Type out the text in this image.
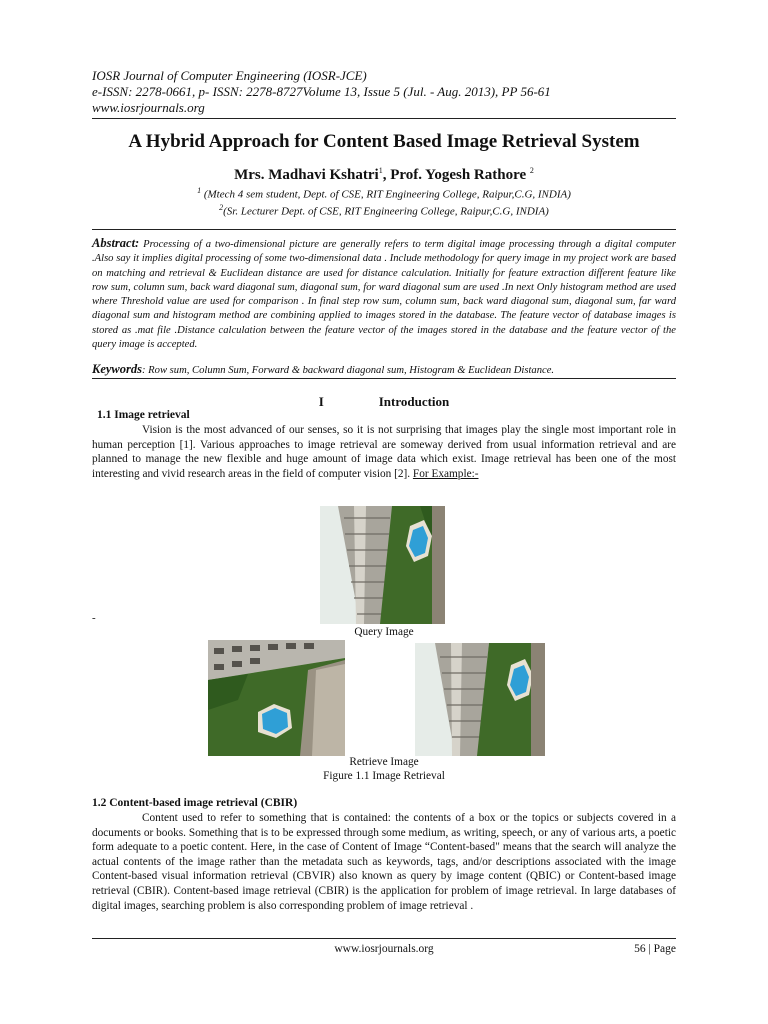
IOSR Journal of Computer Engineering (IOSR-JCE)
e-ISSN: 2278-0661, p- ISSN: 2278-8727Volume 13, Issue 5 (Jul. - Aug. 2013), PP 56-61
www.iosrjournals.org
A Hybrid Approach for Content Based Image Retrieval System
Mrs. Madhavi Kshatri$^1$, Prof. Yogesh Rathore $^2$
$^1$ (Mtech 4 sem student, Dept. of CSE, RIT Engineering College, Raipur,C.G, INDIA)
$^2$(Sr. Lecturer Dept. of CSE, RIT Engineering College, Raipur,C.G, INDIA)
Abstract: Processing of a two-dimensional picture are generally refers to term digital image processing through a digital computer .Also say it implies digital processing of some two-dimensional data . Include methodology for query image in my project work are based on matching and retrieval & Euclidean distance are used for distance calculation. Initially for feature extraction different feature like row sum, column sum, back ward diagonal sum, diagonal sum, for ward diagonal sum are used .In next Only histogram method are used where Threshold value are used for comparison . In final step row sum, column sum, back ward diagonal sum, diagonal sum, far ward diagonal sum and histogram method are combining applied to images stored in the database. The feature vector of database images is stored as .mat file .Distance calculation between the feature vector of the images stored in the database and the feature vector of the query image is accepted.
Keywords: Row sum, Column Sum, Forward & backward diagonal sum, Histogram & Euclidean Distance.
I	Introduction
1.1 Image retrieval
Vision is the most advanced of our senses, so it is not surprising that images play the single most important role in human perception [1]. Various approaches to image retrieval are someway derived from usual information retrieval and are planned to manage the new flexible and huge amount of image data which exist. Image retrieval has been one of the most interesting and vivid research areas in the field of computer vision [2]. For Example:-
-
Query Image
Retrieve Image
Figure 1.1 Image Retrieval
1.2 Content-based image retrieval (CBIR)
Content used to refer to something that is contained: the contents of a box or the topics or subjects covered in a documents or books. Something that is to be expressed through some medium, as writing, speech, or any of various arts, a poetic form adequate to a poetic content. Here, in the case of Content of Image “Content-based" means that the search will analyze the actual contents of the image rather than the metadata such as keywords, tags, and/or descriptions associated with the image Content-based visual information retrieval (CBVIR) also known as query by image content (QBIC) or Content-based image retrieval (CBIR). Content-based image retrieval (CBIR) is the application for problem of image retrieval. In large databases of digital images, searching problem is also corresponding problem of image retrieval .
www.iosrjournals.org	56 | Page
